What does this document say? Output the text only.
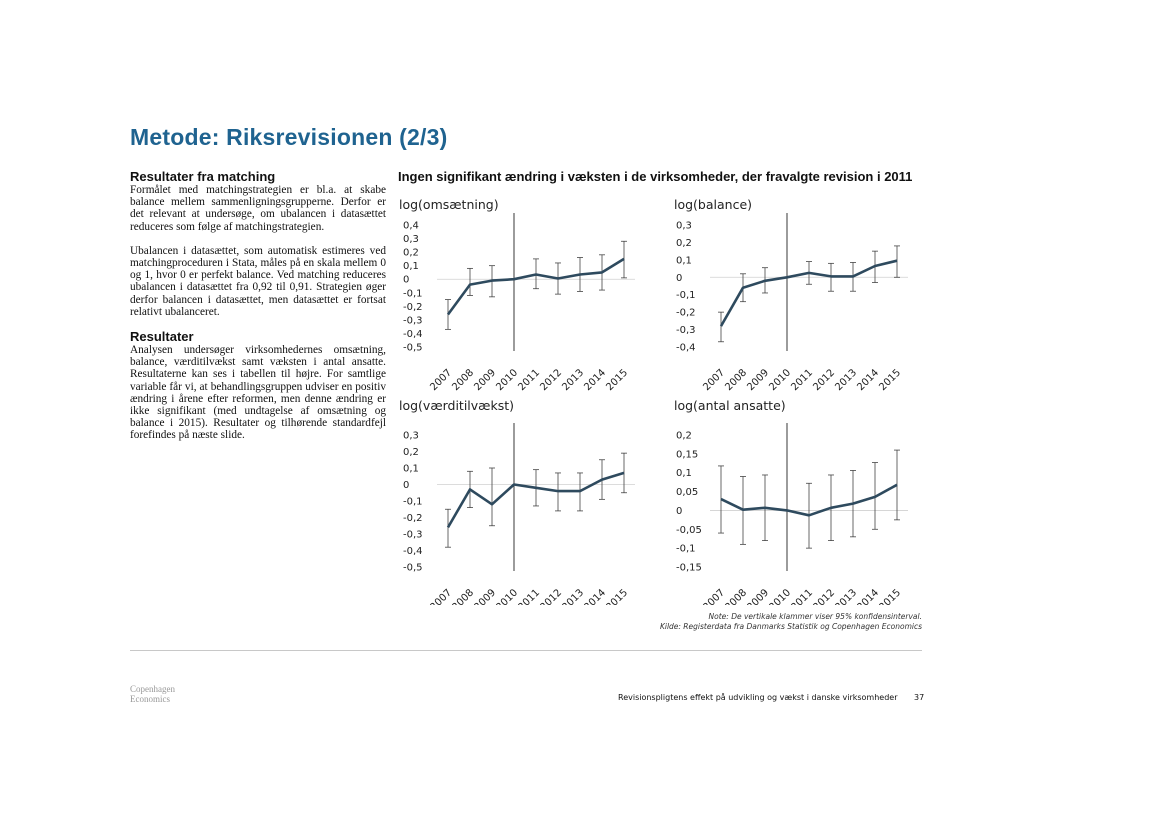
Metode: Riksrevisionen (2/3)
Resultater fra matching

Formålet med matchingstrategien er bl.a. at skabe balance mellem sammenligningsgrupperne. Derfor er det relevant at undersøge, om ubalancen i datasættet reduceres som følge af matchingstrategien.

Ubalancen i datasættet, som automatisk estimeres ved matchingproceduren i Stata, måles på en skala mellem 0 og 1, hvor 0 er perfekt balance. Ved matching reduceres ubalancen i datasættet fra 0,92 til 0,91. Strategien øger derfor balancen i datasættet, men datasættet er fortsat relativt ubalanceret.

Resultater

Analysen undersøger virksomhedernes omsætning, balance, værditilvækst samt væksten i antal ansatte. Resultaterne kan ses i tabellen til højre. For samtlige variable får vi, at behandlingsgruppen udviser en positiv ændring i årene efter reformen, men denne ændring er ikke signifikant (med undtagelse af omsætning og balance i 2015). Resultater og tilhørende standardfejl forefindes på næste slide.

Ingen signifikant ændring i væksten i de virksomheder, der fravalgte revision i 2011
log(omsætning)
0,4
0,3
0,2
0,1
0
-0,1
-0,2
-0,3
-0,4
-0,5
2007
2008
2009
2010
2011
2012
2013
2014
2015
log(balance)
0,3
0,2
0,1
0
-0,1
-0,2
-0,3
-0,4
2007
2008
2009
2010
2011
2012
2013
2014
2015
log(værditilvækst)
0,3
0,2
0,1
0
-0,1
-0,2
-0,3
-0,4
-0,5
2007
2008
2009
2010
2011
2012
2013
2014
2015
log(antal ansatte)
0,2
0,15
0,1
0,05
0
-0,05
-0,1
-0,15
2007
2008
2009
2010
2011
2012
2013
2014
2015
Note: De vertikale klammer viser 95% konfidensinterval.
Kilde: Registerdata fra Danmarks Statistik og Copenhagen Economics
Copenhagen
Economics	Revisionspligtens effekt på udvikling og vækst i danske virksomheder 37
